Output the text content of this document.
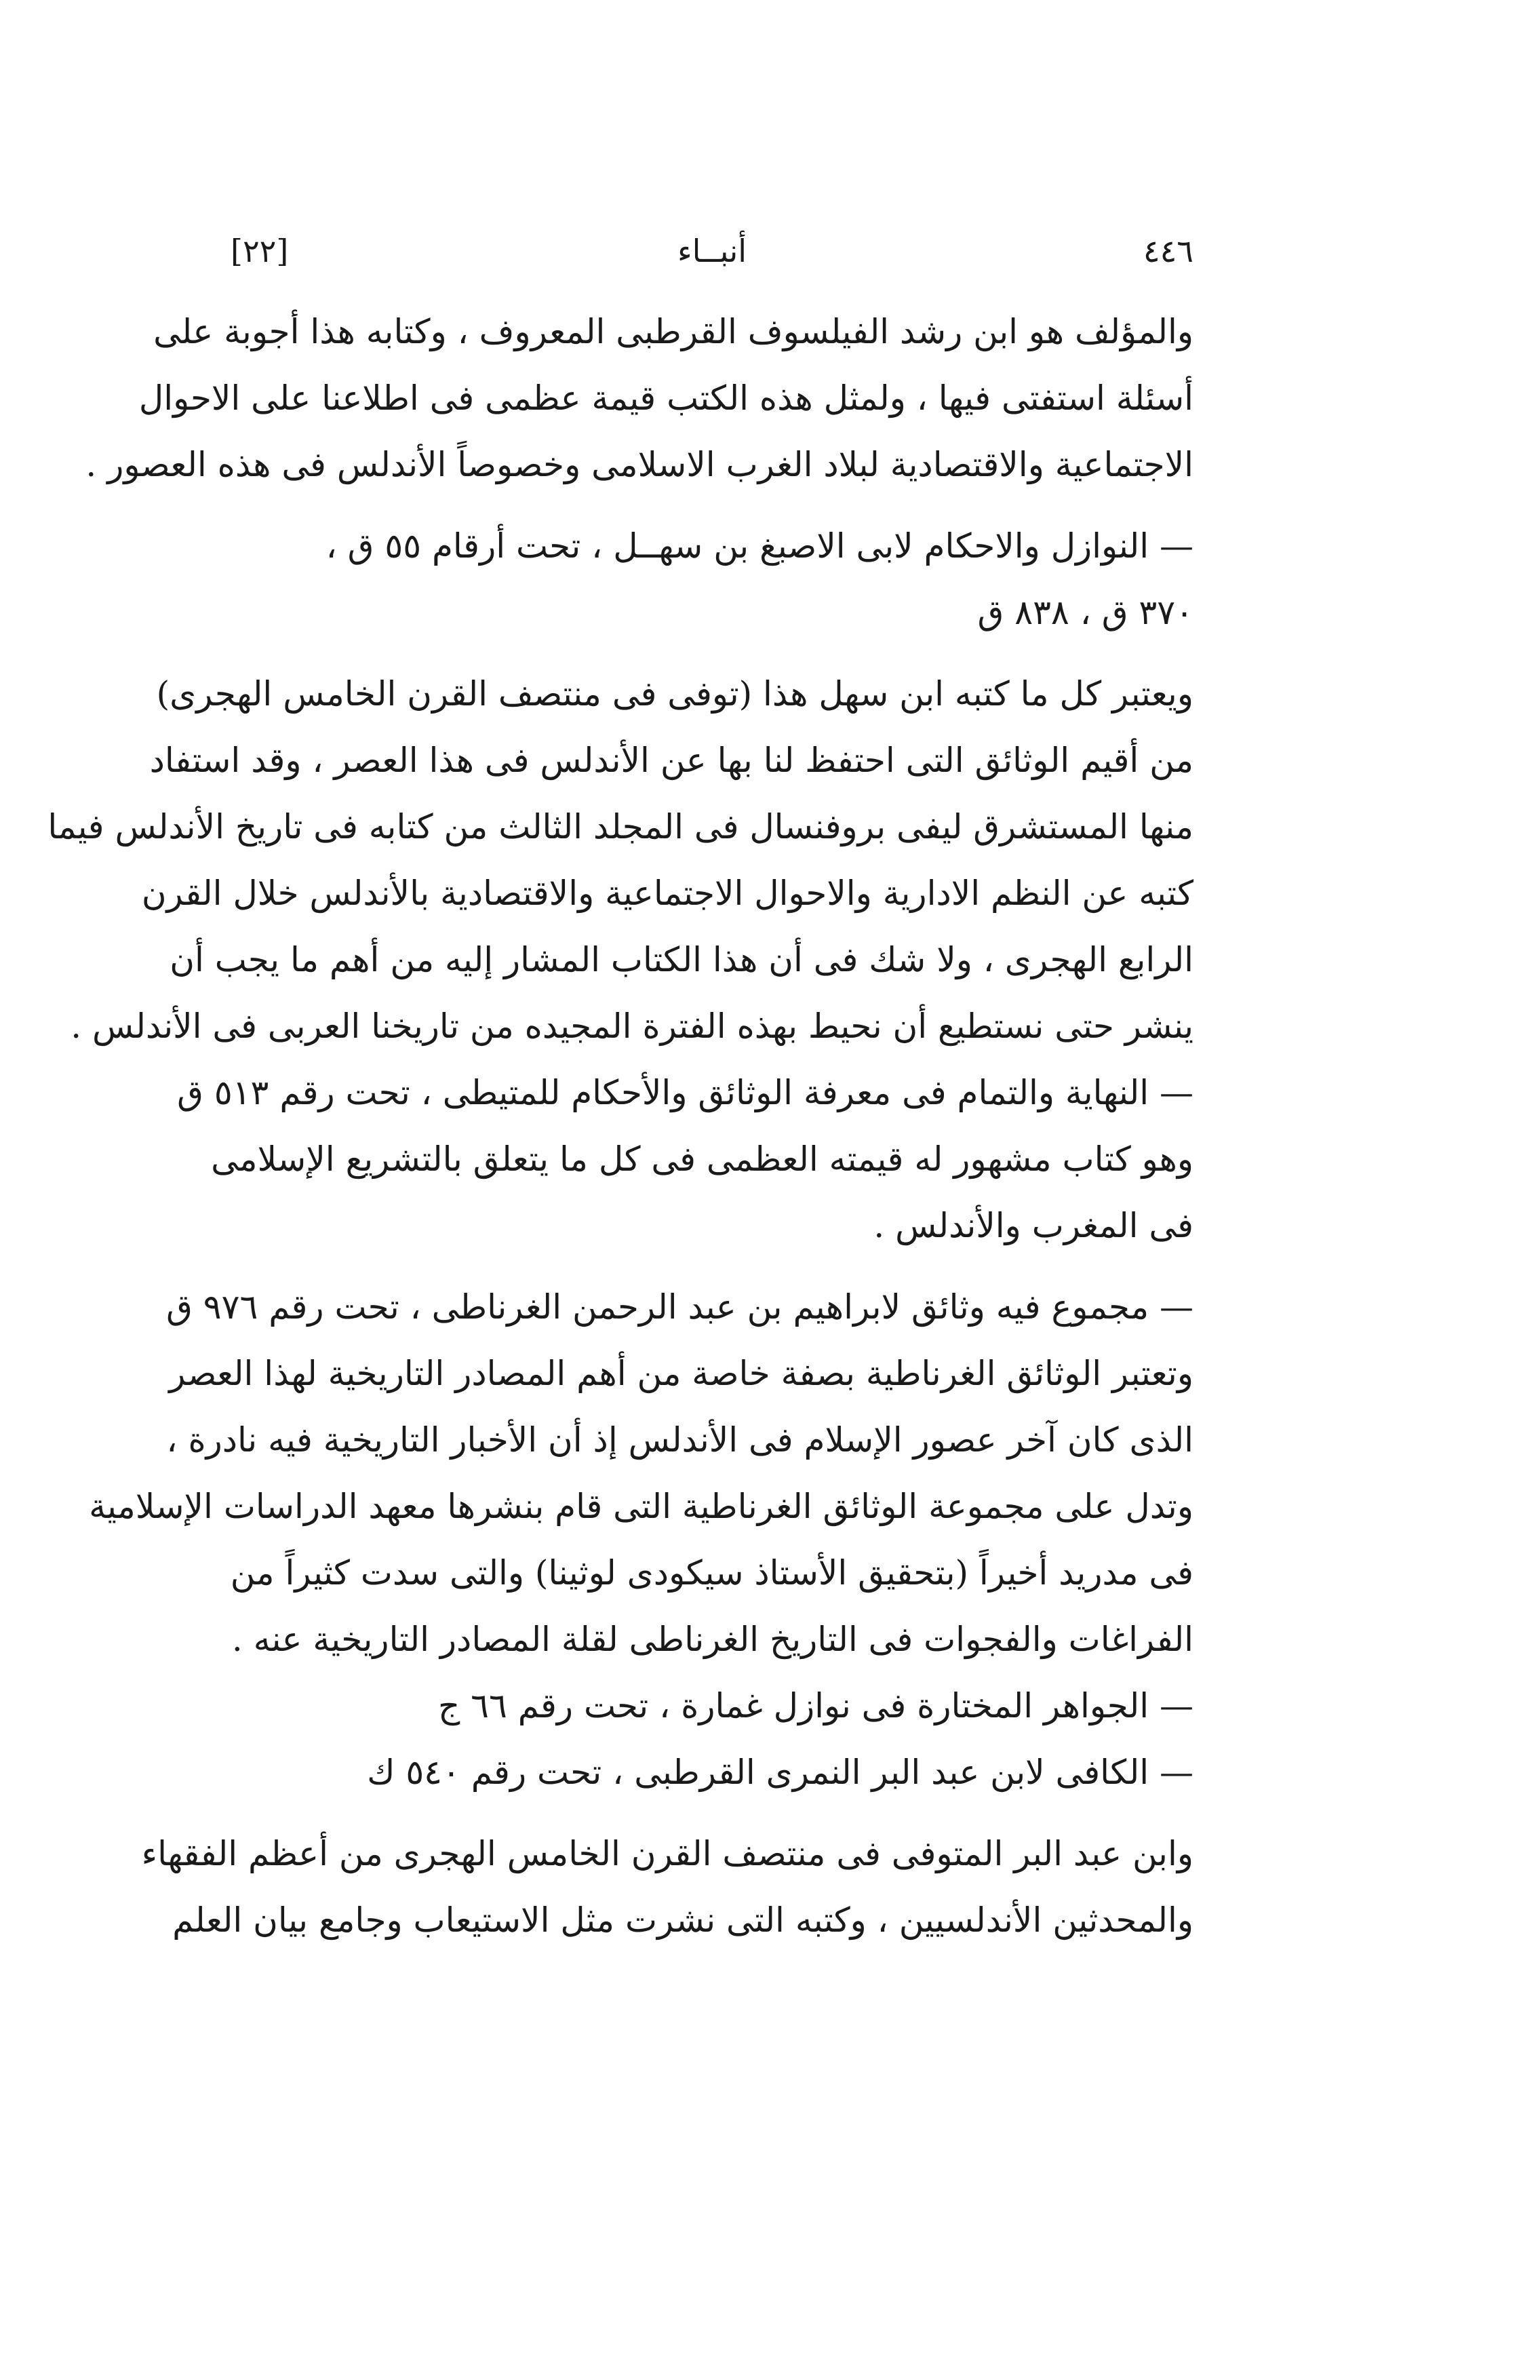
[٢٢]	أنبــاء	٤٤٦
والمؤلف هو ابن رشد الفيلسوف القرطبى المعروف ، وكتابه هذا أجوبة على
أسئلة استفتى فيها ، ولمثل هذه الكتب قيمة عظمى فى اطلاعنا على الاحوال
الاجتماعية والاقتصادية لبلاد الغرب الاسلامى وخصوصاً الأندلس فى هذه العصور .
— النوازل والاحكام لابى الاصبغ بن سهــل ، تحت أرقام ٥٥ ق ،
٣٧٠ ق ، ٨٣٨ ق
ويعتبر كل ما كتبه ابن سهل هذا (توفى فى منتصف القرن الخامس الهجرى)
من أقيم الوثائق التى احتفظ لنا بها عن الأندلس فى هذا العصر ، وقد استفاد
منها المستشرق ليفى بروفنسال فى المجلد الثالث من كتابه فى تاريخ الأندلس فيما
كتبه عن النظم الادارية والاحوال الاجتماعية والاقتصادية بالأندلس خلال القرن
الرابع الهجرى ، ولا شك فى أن هذا الكتاب المشار إليه من أهم ما يجب أن
ينشر حتى نستطيع أن نحيط بهذه الفترة المجيده من تاريخنا العربى فى الأندلس .
— النهاية والتمام فى معرفة الوثائق والأحكام للمتيطى ، تحت رقم ٥١٣ ق
وهو كتاب مشهور له قيمته العظمى فى كل ما يتعلق بالتشريع الإسلامى
فى المغرب والأندلس .
— مجموع فيه وثائق لابراهيم بن عبد الرحمن الغرناطى ، تحت رقم ٩٧٦ ق
وتعتبر الوثائق الغرناطية بصفة خاصة من أهم المصادر التاريخية لهذا العصر
الذى كان آخر عصور الإسلام فى الأندلس إذ أن الأخبار التاريخية فيه نادرة ،
وتدل على مجموعة الوثائق الغرناطية التى قام بنشرها معهد الدراسات الإسلامية
فى مدريد أخيراً (بتحقيق الأستاذ سيكودى لوثينا) والتى سدت كثيراً من
الفراغات والفجوات فى التاريخ الغرناطى لقلة المصادر التاريخية عنه .
— الجواهر المختارة فى نوازل غمارة ، تحت رقم ٦٦ ج
— الكافى لابن عبد البر النمرى القرطبى ، تحت رقم ٥٤٠ ك
وابن عبد البر المتوفى فى منتصف القرن الخامس الهجرى من أعظم الفقهاء
والمحدثين الأندلسيين ، وكتبه التى نشرت مثل الاستيعاب وجامع بيان العلم
